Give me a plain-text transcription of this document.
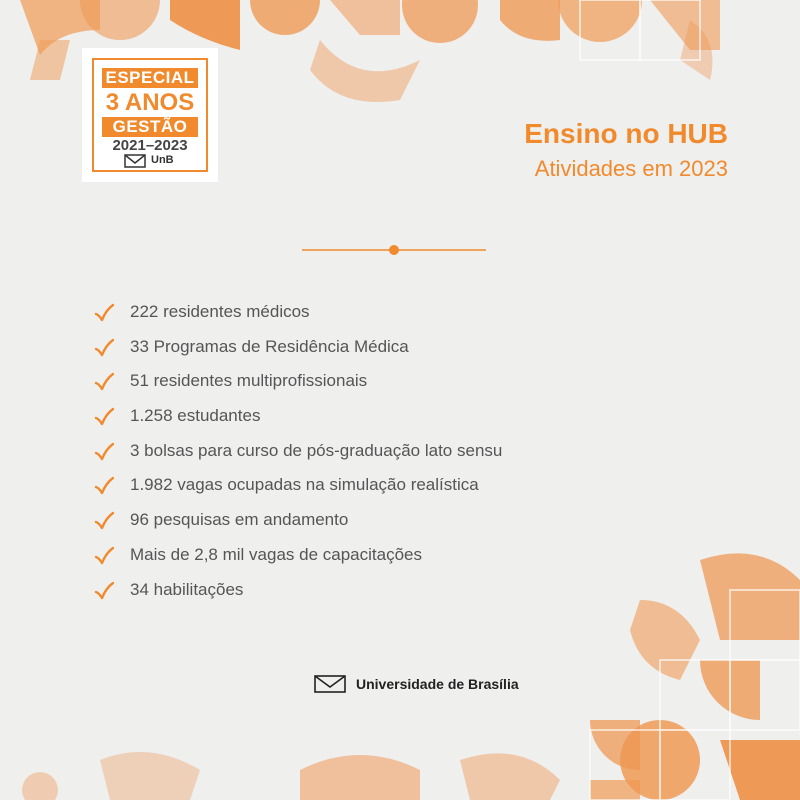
ESPECIAL
3 ANOS
GESTÃO
2021–2023
UnB
Ensino no HUB
Atividades em 2023
222 residentes médicos
33 Programas de Residência Médica
51 residentes multiprofissionais
1.258 estudantes
3 bolsas para curso de pós-graduação lato sensu
1.982 vagas ocupadas na simulação realística
96 pesquisas em andamento
Mais de 2,8 mil vagas de capacitações
34 habilitações
Universidade de Brasília
